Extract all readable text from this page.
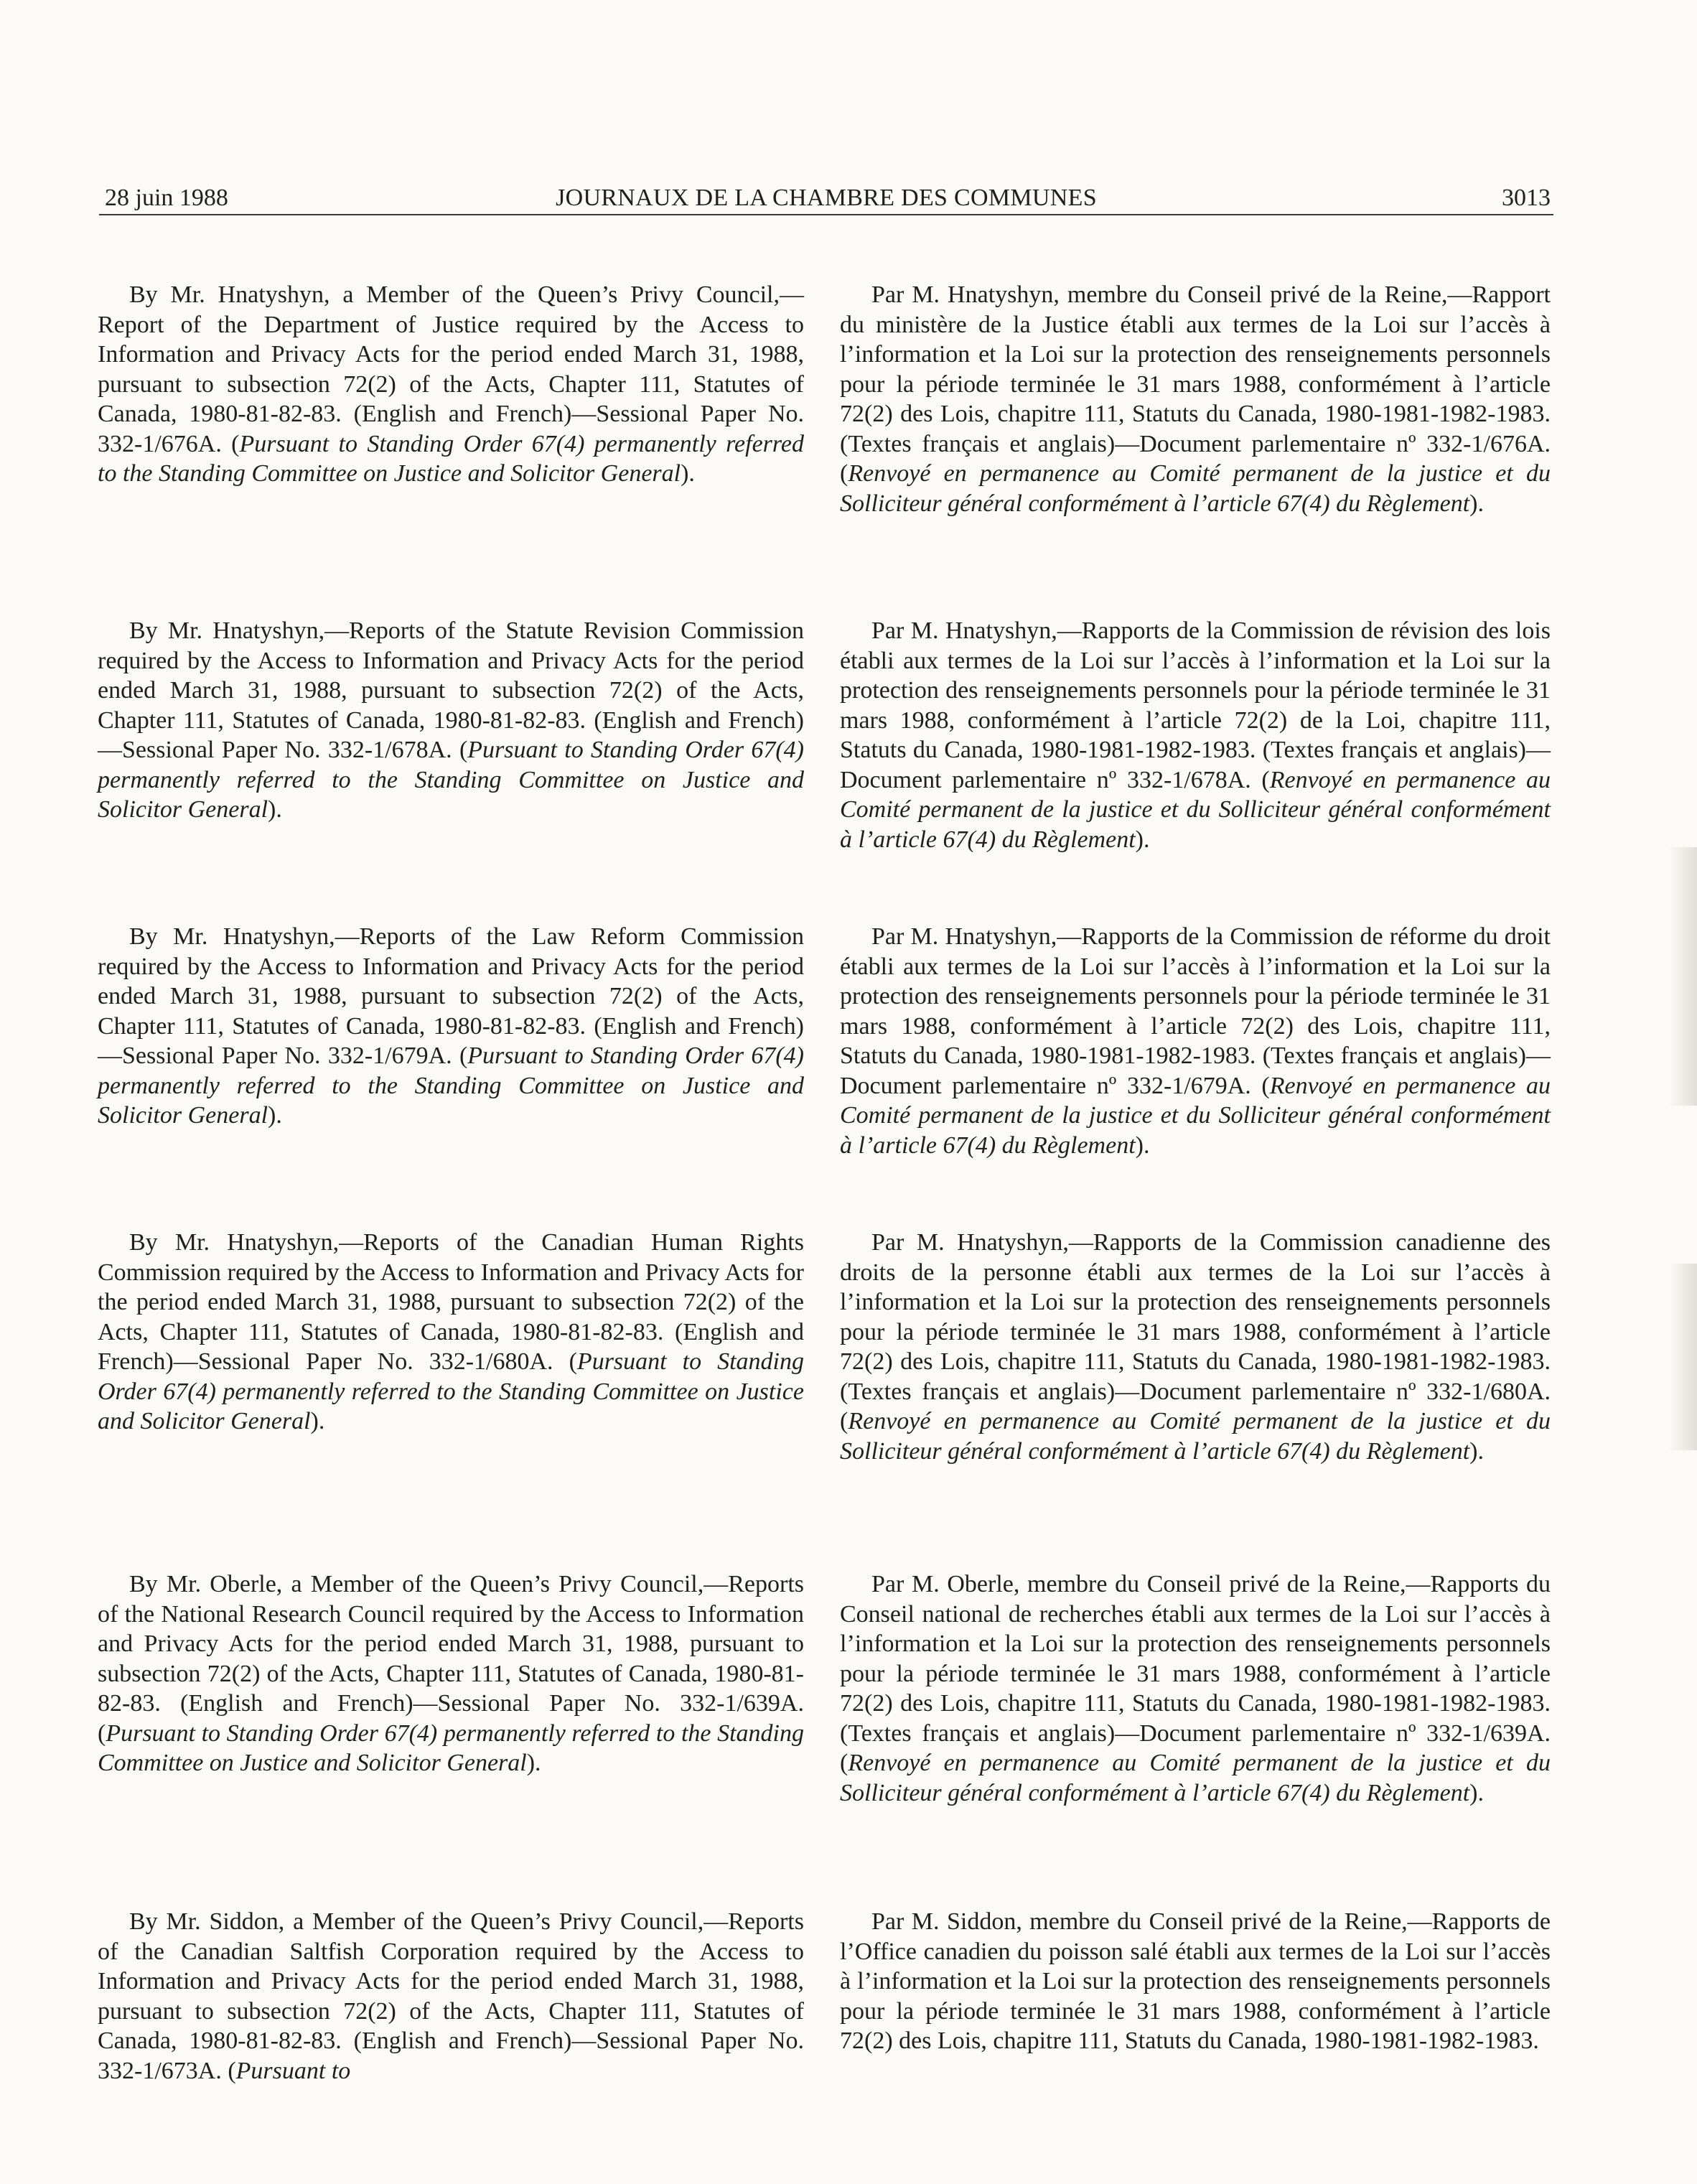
28 juin 1988	JOURNAUX DE LA CHAMBRE DES COMMUNES	3013

By Mr. Hnatyshyn, a Member of the Queen’s Privy Council,—Report of the Department of Justice required by the Access to Information and Privacy Acts for the period ended March 31, 1988, pursuant to subsection 72(2) of the Acts, Chapter 111, Statutes of Canada, 1980-81-82-83. (English and French)—Sessional Paper No. 332-1/676A. (Pursuant to Standing Order 67(4) permanently referred to the Standing Committee on Justice and Solicitor General).

Par M. Hnatyshyn, membre du Conseil privé de la Reine,—Rapport du ministère de la Justice établi aux termes de la Loi sur l’accès à l’information et la Loi sur la protection des renseignements personnels pour la période terminée le 31 mars 1988, conformément à l’article 72(2) des Lois, chapitre 111, Statuts du Canada, 1980-1981-1982-1983. (Textes français et anglais)—Document parlementaire nº 332-1/676A. (Renvoyé en permanence au Comité permanent de la justice et du Solliciteur général conformément à l’article 67(4) du Règlement).

By Mr. Hnatyshyn,—Reports of the Statute Revision Commission required by the Access to Information and Privacy Acts for the period ended March 31, 1988, pursuant to subsection 72(2) of the Acts, Chapter 111, Statutes of Canada, 1980-81-82-83. (English and French)—Sessional Paper No. 332-1/678A. (Pursuant to Standing Order 67(4) permanently referred to the Standing Committee on Justice and Solicitor General).

Par M. Hnatyshyn,—Rapports de la Commission de révision des lois établi aux termes de la Loi sur l’accès à l’information et la Loi sur la protection des renseignements personnels pour la période terminée le 31 mars 1988, conformément à l’article 72(2) de la Loi, chapitre 111, Statuts du Canada, 1980-1981-1982-1983. (Textes français et anglais)—Document parlementaire nº 332-1/678A. (Renvoyé en permanence au Comité permanent de la justice et du Solliciteur général conformément à l’article 67(4) du Règlement).

By Mr. Hnatyshyn,—Reports of the Law Reform Commission required by the Access to Information and Privacy Acts for the period ended March 31, 1988, pursuant to subsection 72(2) of the Acts, Chapter 111, Statutes of Canada, 1980-81-82-83. (English and French)—Sessional Paper No. 332-1/679A. (Pursuant to Standing Order 67(4) permanently referred to the Standing Committee on Justice and Solicitor General).

Par M. Hnatyshyn,—Rapports de la Commission de réforme du droit établi aux termes de la Loi sur l’accès à l’information et la Loi sur la protection des renseignements personnels pour la période terminée le 31 mars 1988, conformément à l’article 72(2) des Lois, chapitre 111, Statuts du Canada, 1980-1981-1982-1983. (Textes français et anglais)—Document parlementaire nº 332-1/679A. (Renvoyé en permanence au Comité permanent de la justice et du Solliciteur général conformément à l’article 67(4) du Règlement).

By Mr. Hnatyshyn,—Reports of the Canadian Human Rights Commission required by the Access to Information and Privacy Acts for the period ended March 31, 1988, pursuant to subsection 72(2) of the Acts, Chapter 111, Statutes of Canada, 1980-81-82-83. (English and French)—Sessional Paper No. 332-1/680A. (Pursuant to Standing Order 67(4) permanently referred to the Standing Committee on Justice and Solicitor General).

Par M. Hnatyshyn,—Rapports de la Commission canadienne des droits de la personne établi aux termes de la Loi sur l’accès à l’information et la Loi sur la protection des renseignements personnels pour la période terminée le 31 mars 1988, conformément à l’article 72(2) des Lois, chapitre 111, Statuts du Canada, 1980-1981-1982-1983. (Textes français et anglais)—Document parlementaire nº 332-1/680A. (Renvoyé en permanence au Comité permanent de la justice et du Solliciteur général conformément à l’article 67(4) du Règlement).

By Mr. Oberle, a Member of the Queen’s Privy Council,—Reports of the National Research Council required by the Access to Information and Privacy Acts for the period ended March 31, 1988, pursuant to subsection 72(2) of the Acts, Chapter 111, Statutes of Canada, 1980-81-82-83. (English and French)—Sessional Paper No. 332-1/639A. (Pursuant to Standing Order 67(4) permanently referred to the Standing Committee on Justice and Solicitor General).

Par M. Oberle, membre du Conseil privé de la Reine,—Rapports du Conseil national de recherches établi aux termes de la Loi sur l’accès à l’information et la Loi sur la protection des renseignements personnels pour la période terminée le 31 mars 1988, conformément à l’article 72(2) des Lois, chapitre 111, Statuts du Canada, 1980-1981-1982-1983. (Textes français et anglais)—Document parlementaire nº 332-1/639A. (Renvoyé en permanence au Comité permanent de la justice et du Solliciteur général conformément à l’article 67(4) du Règlement).

By Mr. Siddon, a Member of the Queen’s Privy Council,—Reports of the Canadian Saltfish Corporation required by the Access to Information and Privacy Acts for the period ended March 31, 1988, pursuant to subsection 72(2) of the Acts, Chapter 111, Statutes of Canada, 1980-81-82-83. (English and French)—Sessional Paper No. 332-1/673A. (Pursuant to

Par M. Siddon, membre du Conseil privé de la Reine,—Rapports de l’Office canadien du poisson salé établi aux termes de la Loi sur l’accès à l’information et la Loi sur la protection des renseignements personnels pour la période terminée le 31 mars 1988, conformément à l’article 72(2) des Lois, chapitre 111, Statuts du Canada, 1980-1981-1982-1983.
